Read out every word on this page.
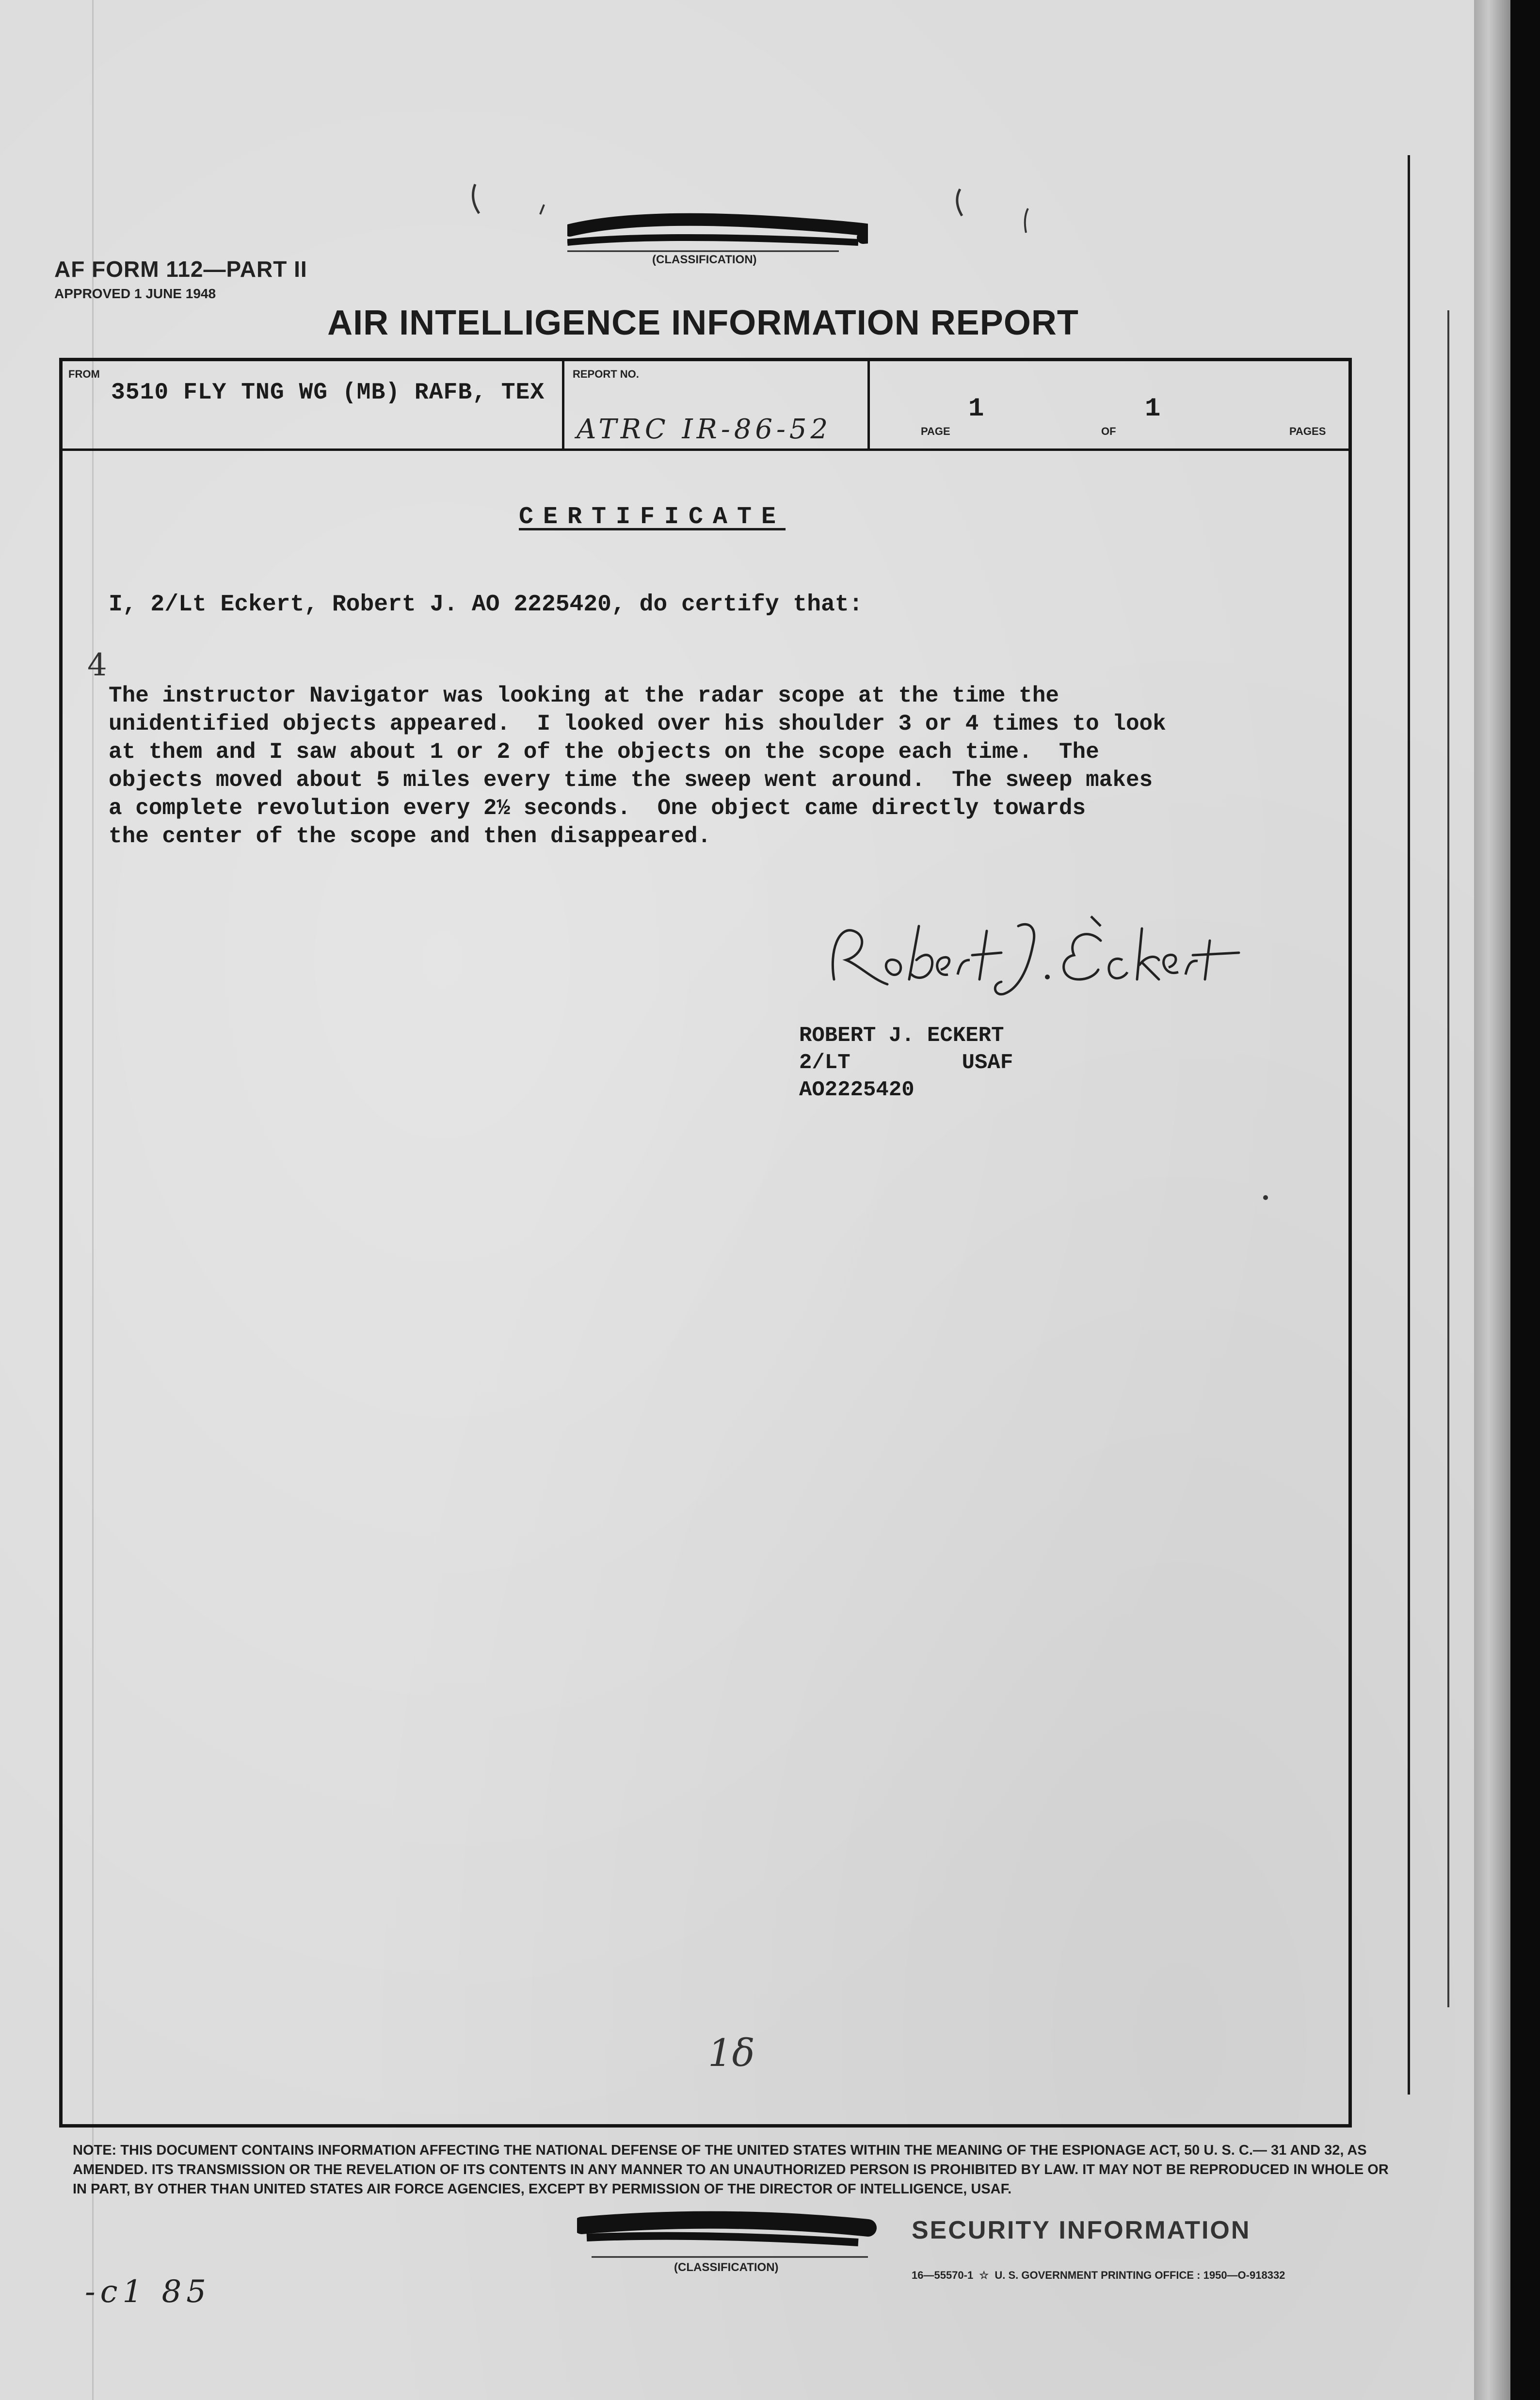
(CLASSIFICATION)
AF FORM 112—PART II
APPROVED 1 JUNE 1948
AIR INTELLIGENCE INFORMATION REPORT
FROM
3510 FLY TNG WG (MB) RAFB, TEX
REPORT NO.
ATRC IR-86-52	PAGE
1
OF
1
PAGES
CERTIFICATE
I, 2/Lt Eckert, Robert J. AO 2225420, do certify that:
4
The instructor Navigator was looking at the radar scope at the time the
unidentified objects appeared.  I looked over his shoulder 3 or 4 times to look
at them and I saw about 1 or 2 of the objects on the scope each time.  The
objects moved about 5 miles every time the sweep went around.  The sweep makes
a complete revolution every 2½ seconds.  One object came directly towards
the center of the scope and then disappeared.
ROBERT J. ECKERT
2/LT	USAF
AO2225420
1δ
NOTE: THIS DOCUMENT CONTAINS INFORMATION AFFECTING THE NATIONAL DEFENSE OF THE UNITED STATES WITHIN THE MEANING OF THE ESPIONAGE ACT, 50 U. S. C.— 31 AND 32, AS AMENDED. ITS TRANSMISSION OR THE REVELATION OF ITS CONTENTS IN ANY MANNER TO AN UNAUTHORIZED PERSON IS PROHIBITED BY LAW. IT MAY NOT BE REPRODUCED IN WHOLE OR IN PART, BY OTHER THAN UNITED STATES AIR FORCE AGENCIES, EXCEPT BY PERMISSION OF THE DIRECTOR OF INTELLIGENCE, USAF.
SECURITY INFORMATION
(CLASSIFICATION)
16—55570-1  ☆  U. S. GOVERNMENT PRINTING OFFICE : 1950—O-918332
-c1 85
